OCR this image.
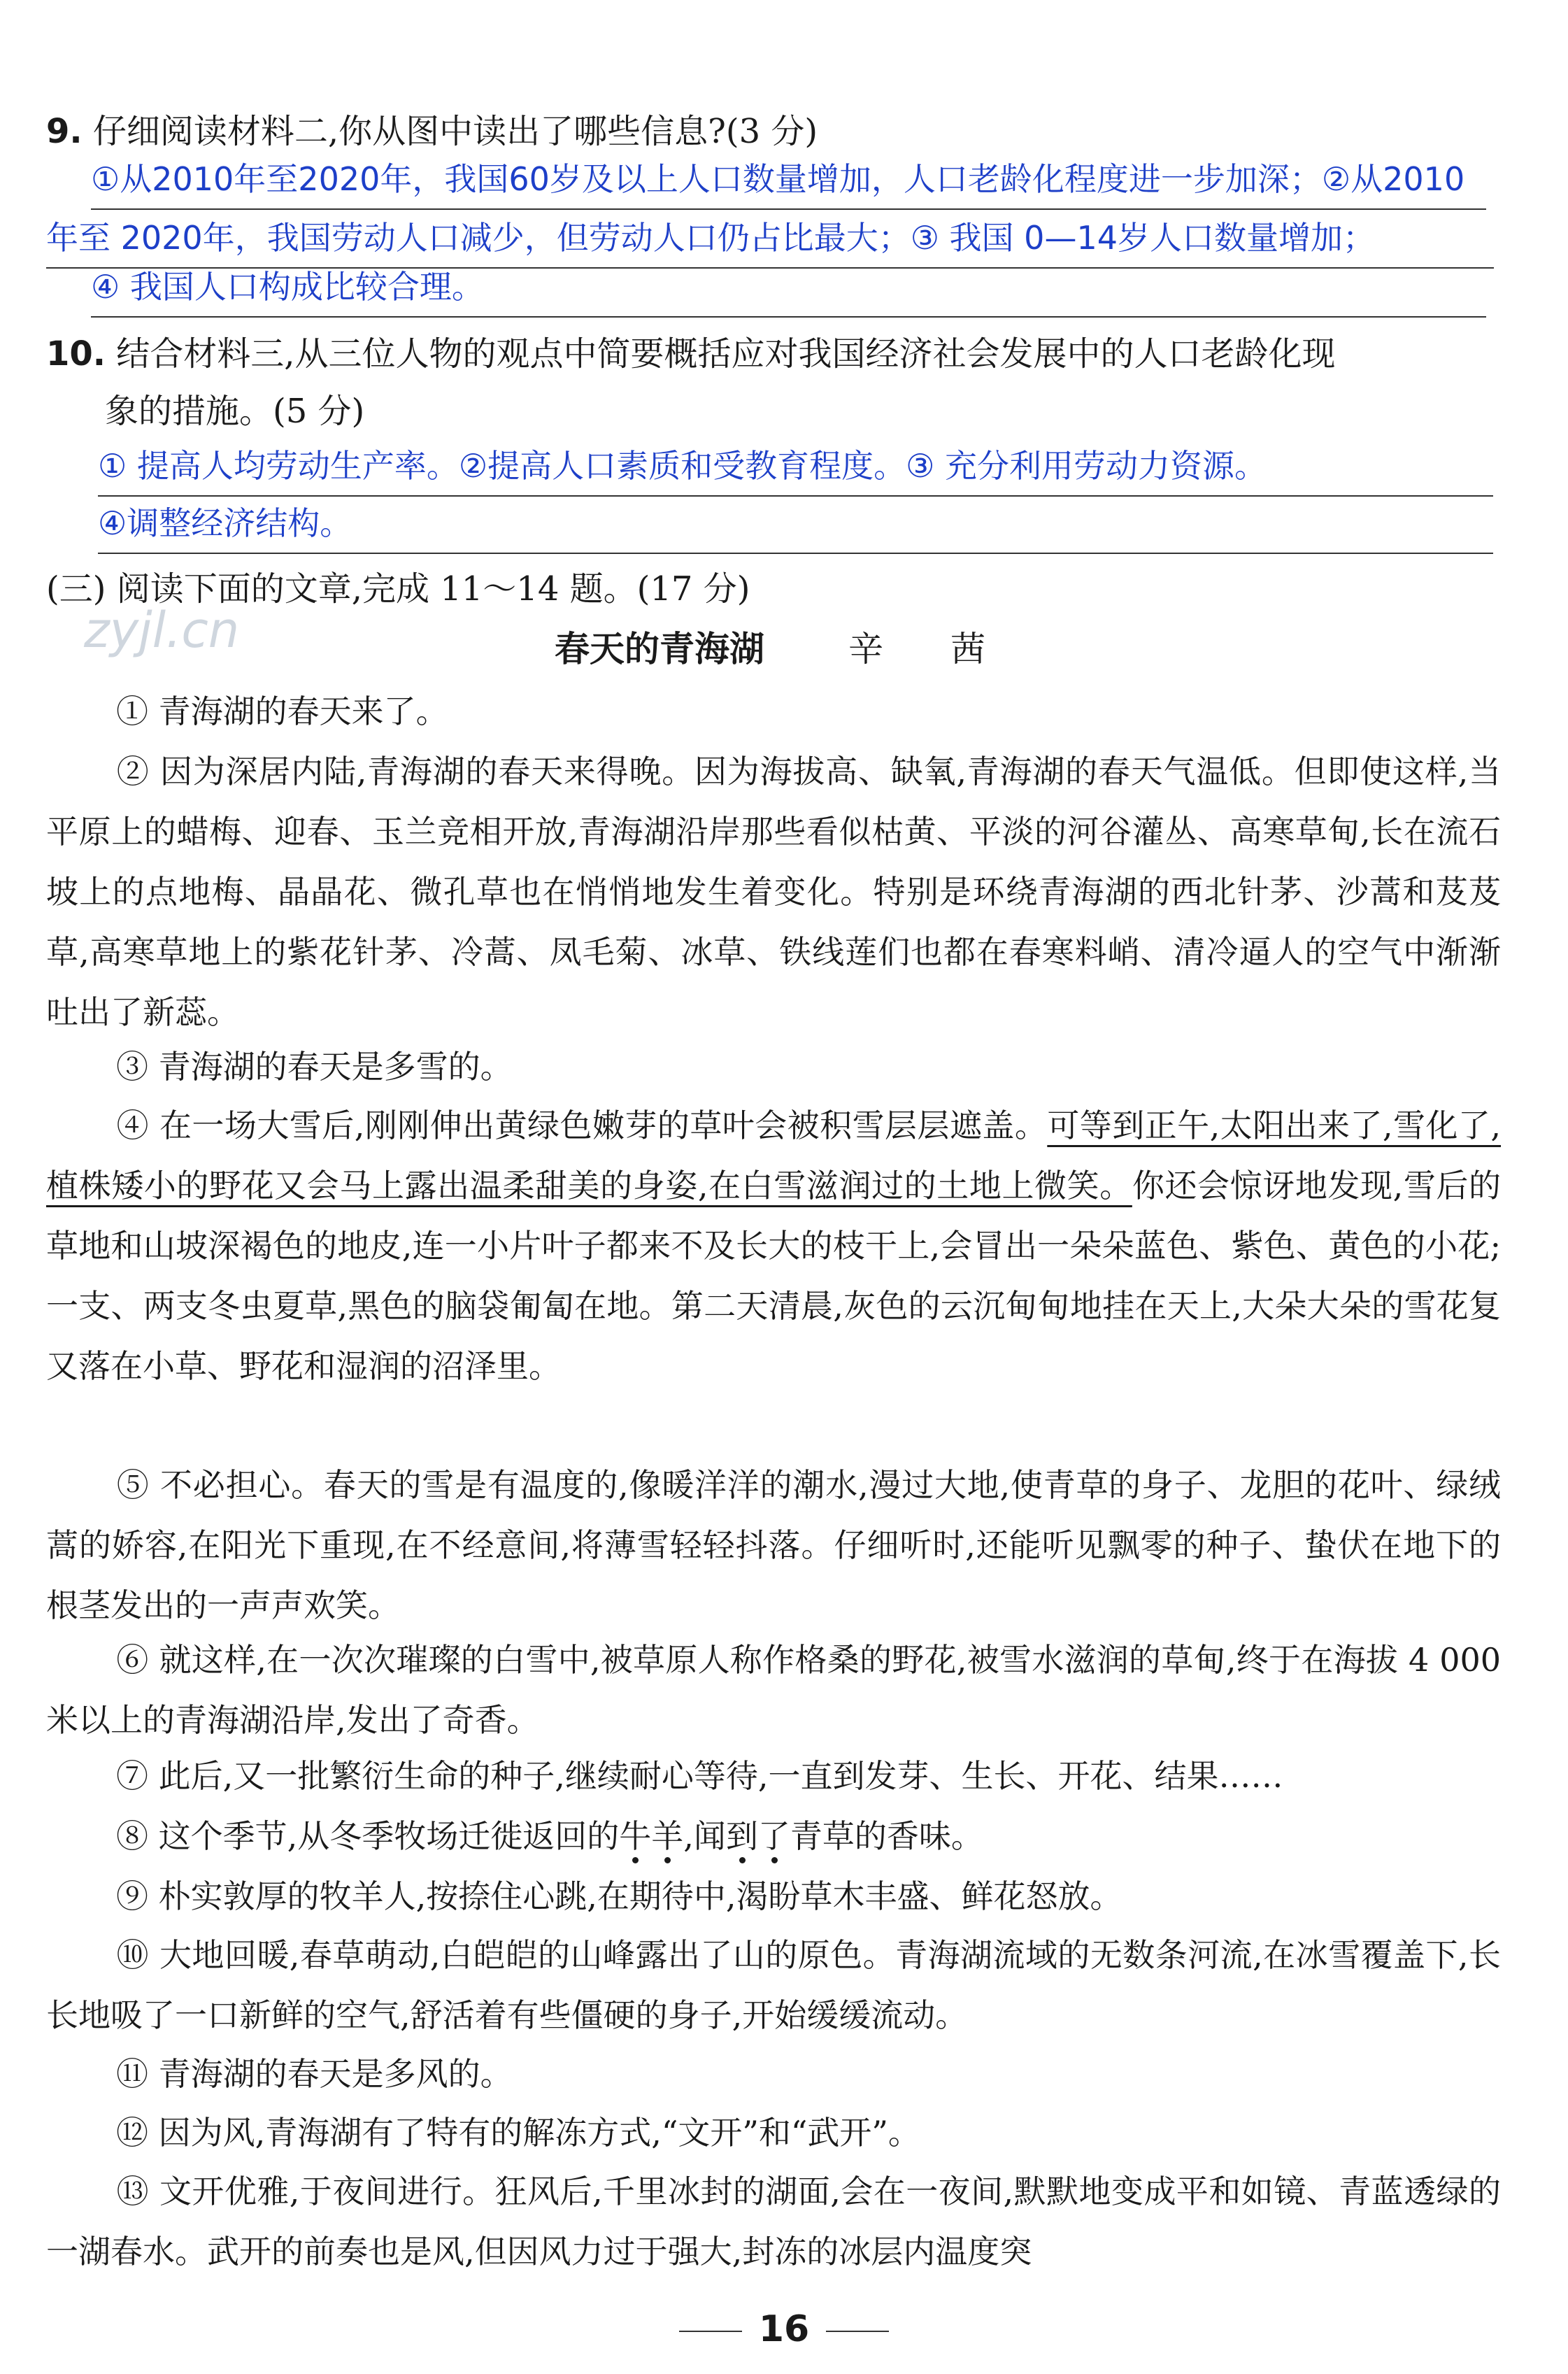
9. 仔细阅读材料二,你从图中读出了哪些信息?(3 分)
①从2010年至2020年，我国60岁及以上人口数量增加，人口老龄化程度进一步加深；②从2010
年至 2020年，我国劳动人口减少，但劳动人口仍占比最大；③ 我国 0—14岁人口数量增加；
④ 我国人口构成比较合理。
10. 结合材料三,从三位人物的观点中简要概括应对我国经济社会发展中的人口老龄化现
象的措施。(5 分)
① 提高人均劳动生产率。②提高人口素质和受教育程度。③ 充分利用劳动力资源。
④调整经济结构。
(三) 阅读下面的文章,完成 11～14 题。(17 分)
zyjl.cn	春天的青海湖 辛 茜
① 青海湖的春天来了。
② 因为深居内陆,青海湖的春天来得晚。因为海拔高、缺氧,青海湖的春天气温低。但即使这样,当平原上的蜡梅、迎春、玉兰竞相开放,青海湖沿岸那些看似枯黄、平淡的河谷灌丛、高寒草甸,长在流石坡上的点地梅、晶晶花、微孔草也在悄悄地发生着变化。特别是环绕青海湖的西北针茅、沙蒿和芨芨草,高寒草地上的紫花针茅、冷蒿、凤毛菊、冰草、铁线莲们也都在春寒料峭、清冷逼人的空气中渐渐吐出了新蕊。
③ 青海湖的春天是多雪的。
④ 在一场大雪后,刚刚伸出黄绿色嫩芽的草叶会被积雪层层遮盖。可等到正午,太阳出来了,雪化了,植株矮小的野花又会马上露出温柔甜美的身姿,在白雪滋润过的土地上微笑。你还会惊讶地发现,雪后的草地和山坡深褐色的地皮,连一小片叶子都来不及长大的枝干上,会冒出一朵朵蓝色、紫色、黄色的小花;一支、两支冬虫夏草,黑色的脑袋匍匐在地。第二天清晨,灰色的云沉甸甸地挂在天上,大朵大朵的雪花复又落在小草、野花和湿润的沼泽里。
⑤ 不必担心。春天的雪是有温度的,像暖洋洋的潮水,漫过大地,使青草的身子、龙胆的花叶、绿绒蒿的娇容,在阳光下重现,在不经意间,将薄雪轻轻抖落。仔细听时,还能听见飘零的种子、蛰伏在地下的根茎发出的一声声欢笑。
⑥ 就这样,在一次次璀璨的白雪中,被草原人称作格桑的野花,被雪水滋润的草甸,终于在海拔 4 000 米以上的青海湖沿岸,发出了奇香。
⑦ 此后,又一批繁衍生命的种子,继续耐心等待,一直到发芽、生长、开花、结果……
⑧ 这个季节,从冬季牧场迁徙返回的牛羊,闻到了青草的香味。
⑨ 朴实敦厚的牧羊人,按捺住心跳,在期待中,渴盼草木丰盛、鲜花怒放。
⑩ 大地回暖,春草萌动,白皑皑的山峰露出了山的原色。青海湖流域的无数条河流,在冰雪覆盖下,长长地吸了一口新鲜的空气,舒活着有些僵硬的身子,开始缓缓流动。
⑪ 青海湖的春天是多风的。
⑫ 因为风,青海湖有了特有的解冻方式,“文开”和“武开”。
⑬ 文开优雅,于夜间进行。狂风后,千里冰封的湖面,会在一夜间,默默地变成平和如镜、青蓝透绿的一湖春水。武开的前奏也是风,但因风力过于强大,封冻的冰层内温度突
16
